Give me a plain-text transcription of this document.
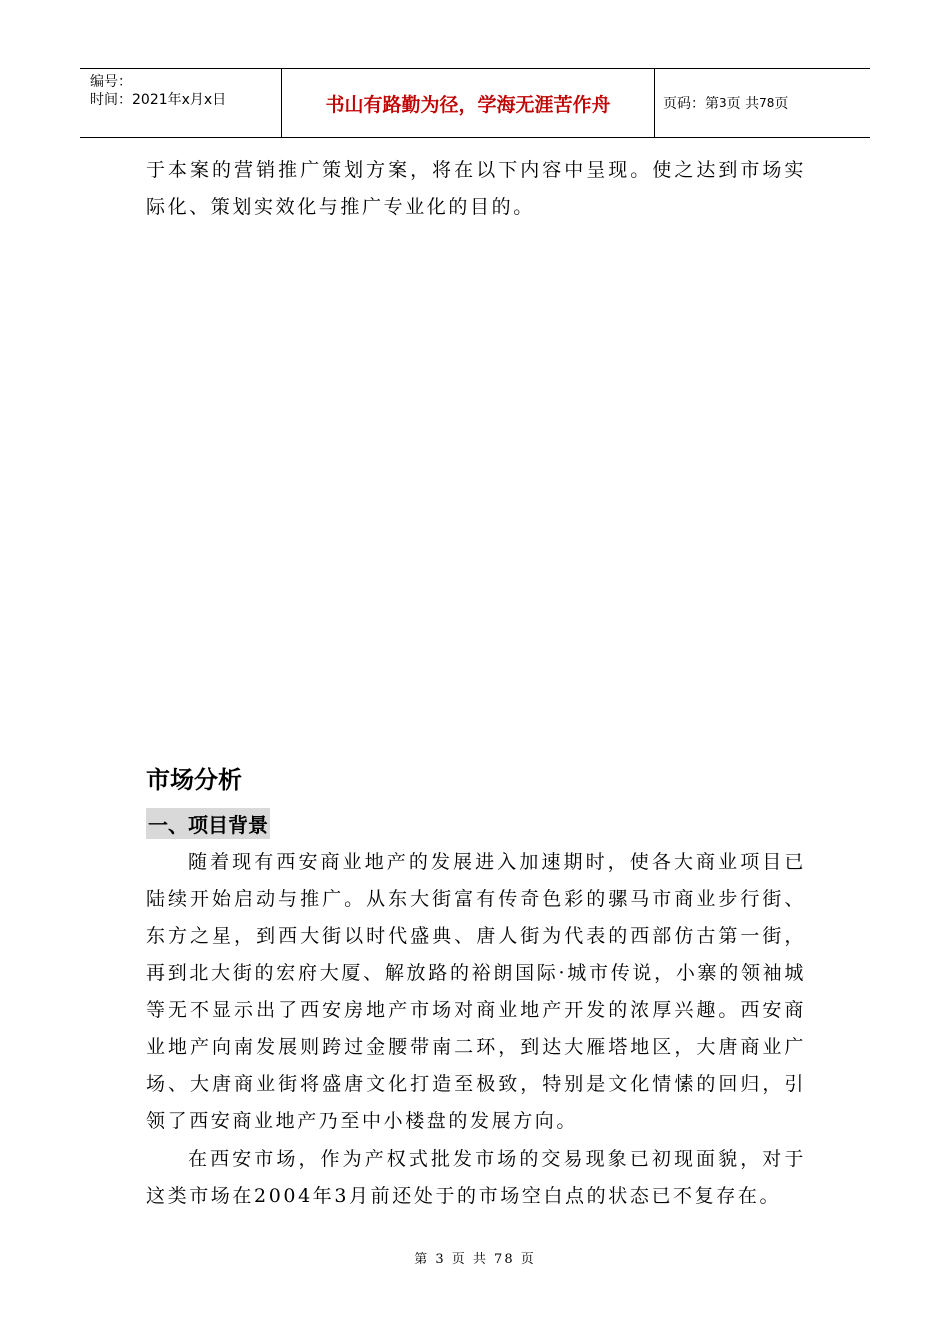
编号：
时间：2021年x月x日	书山有路勤为径，学海无涯苦作舟	页码：第 3 页 共 78 页

于本案的营销推广策划方案，将在以下内容中呈现。使之达到市场实际化、策划实效化与推广专业化的目的。

市场分析
一、项目背景

随着现有西安商业地产的发展进入加速期时，使各大商业项目已陆续开始启动与推广。从东大街富有传奇色彩的骡马市商业步行街、东方之星，到西大街以时代盛典、唐人街为代表的西部仿古第一街，再到北大街的宏府大厦、解放路的裕朗国际·城市传说，小寨的领袖城等无不显示出了西安房地产市场对商业地产开发的浓厚兴趣。西安商业地产向南发展则跨过金腰带南二环，到达大雁塔地区，大唐商业广场、大唐商业街将盛唐文化打造至极致，特别是文化情愫的回归，引领了西安商业地产乃至中小楼盘的发展方向。

在西安市场，作为产权式批发市场的交易现象已初现面貌，对于这类市场在2004年3月前还处于的市场空白点的状态已不复存在。

第 3 页 共 78 页
